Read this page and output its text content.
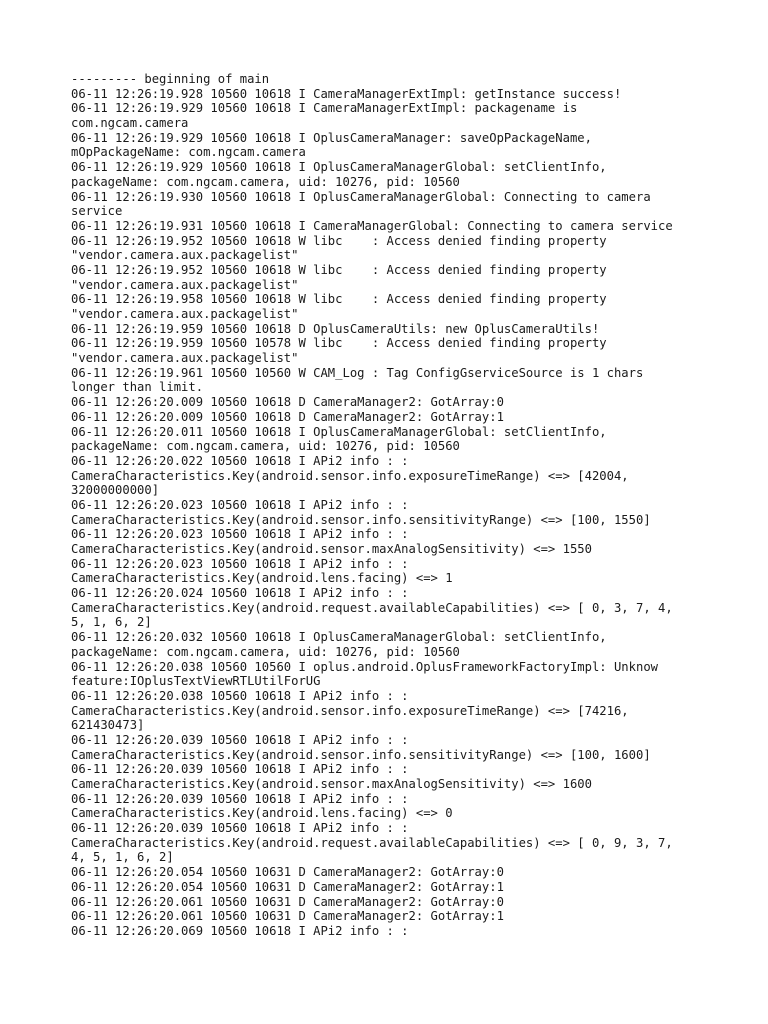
--------- beginning of main
06-11 12:26:19.928 10560 10618 I CameraManagerExtImpl: getInstance success!
06-11 12:26:19.929 10560 10618 I CameraManagerExtImpl: packagename is
com.ngcam.camera
06-11 12:26:19.929 10560 10618 I OplusCameraManager: saveOpPackageName,
mOpPackageName: com.ngcam.camera
06-11 12:26:19.929 10560 10618 I OplusCameraManagerGlobal: setClientInfo,
packageName: com.ngcam.camera, uid: 10276, pid: 10560
06-11 12:26:19.930 10560 10618 I OplusCameraManagerGlobal: Connecting to camera
service
06-11 12:26:19.931 10560 10618 I CameraManagerGlobal: Connecting to camera service
06-11 12:26:19.952 10560 10618 W libc    : Access denied finding property
"vendor.camera.aux.packagelist"
06-11 12:26:19.952 10560 10618 W libc    : Access denied finding property
"vendor.camera.aux.packagelist"
06-11 12:26:19.958 10560 10618 W libc    : Access denied finding property
"vendor.camera.aux.packagelist"
06-11 12:26:19.959 10560 10618 D OplusCameraUtils: new OplusCameraUtils!
06-11 12:26:19.959 10560 10578 W libc    : Access denied finding property
"vendor.camera.aux.packagelist"
06-11 12:26:19.961 10560 10560 W CAM_Log : Tag ConfigGserviceSource is 1 chars
longer than limit.
06-11 12:26:20.009 10560 10618 D CameraManager2: GotArray:0
06-11 12:26:20.009 10560 10618 D CameraManager2: GotArray:1
06-11 12:26:20.011 10560 10618 I OplusCameraManagerGlobal: setClientInfo,
packageName: com.ngcam.camera, uid: 10276, pid: 10560
06-11 12:26:20.022 10560 10618 I APi2 info : :
CameraCharacteristics.Key(android.sensor.info.exposureTimeRange) <=> [42004,
32000000000]
06-11 12:26:20.023 10560 10618 I APi2 info : :
CameraCharacteristics.Key(android.sensor.info.sensitivityRange) <=> [100, 1550]
06-11 12:26:20.023 10560 10618 I APi2 info : :
CameraCharacteristics.Key(android.sensor.maxAnalogSensitivity) <=> 1550
06-11 12:26:20.023 10560 10618 I APi2 info : :
CameraCharacteristics.Key(android.lens.facing) <=> 1
06-11 12:26:20.024 10560 10618 I APi2 info : :
CameraCharacteristics.Key(android.request.availableCapabilities) <=> [ 0, 3, 7, 4,
5, 1, 6, 2]
06-11 12:26:20.032 10560 10618 I OplusCameraManagerGlobal: setClientInfo,
packageName: com.ngcam.camera, uid: 10276, pid: 10560
06-11 12:26:20.038 10560 10560 I oplus.android.OplusFrameworkFactoryImpl: Unknow
feature:IOplusTextViewRTLUtilForUG
06-11 12:26:20.038 10560 10618 I APi2 info : :
CameraCharacteristics.Key(android.sensor.info.exposureTimeRange) <=> [74216,
621430473]
06-11 12:26:20.039 10560 10618 I APi2 info : :
CameraCharacteristics.Key(android.sensor.info.sensitivityRange) <=> [100, 1600]
06-11 12:26:20.039 10560 10618 I APi2 info : :
CameraCharacteristics.Key(android.sensor.maxAnalogSensitivity) <=> 1600
06-11 12:26:20.039 10560 10618 I APi2 info : :
CameraCharacteristics.Key(android.lens.facing) <=> 0
06-11 12:26:20.039 10560 10618 I APi2 info : :
CameraCharacteristics.Key(android.request.availableCapabilities) <=> [ 0, 9, 3, 7,
4, 5, 1, 6, 2]
06-11 12:26:20.054 10560 10631 D CameraManager2: GotArray:0
06-11 12:26:20.054 10560 10631 D CameraManager2: GotArray:1
06-11 12:26:20.061 10560 10631 D CameraManager2: GotArray:0
06-11 12:26:20.061 10560 10631 D CameraManager2: GotArray:1
06-11 12:26:20.069 10560 10618 I APi2 info : :
